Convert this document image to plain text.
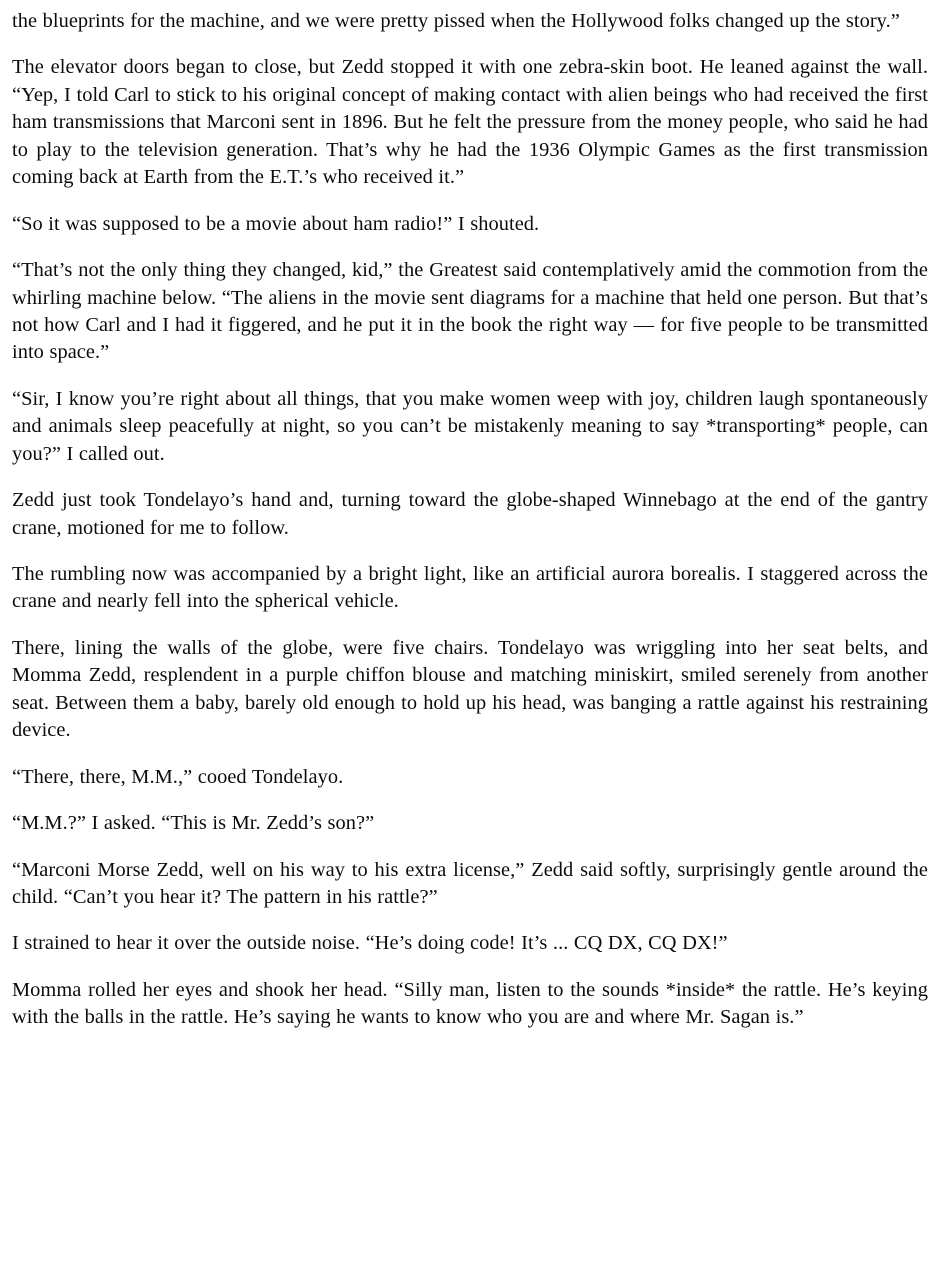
the blueprints for the machine, and we were pretty pissed when the Hollywood folks changed up the story.”

The elevator doors began to close, but Zedd stopped it with one zebra-skin boot. He leaned against the wall. “Yep, I told Carl to stick to his original concept of making contact with alien beings who had received the first ham transmissions that Marconi sent in 1896. But he felt the pressure from the money people, who said he had to play to the television generation. That’s why he had the 1936 Olympic Games as the first transmission coming back at Earth from the E.T.’s who received it.”

“So it was supposed to be a movie about ham radio!” I shouted.

“That’s not the only thing they changed, kid,” the Greatest said contemplatively amid the commotion from the whirling machine below. “The aliens in the movie sent diagrams for a machine that held one person. But that’s not how Carl and I had it figgered, and he put it in the book the right way — for five people to be transmitted into space.”

“Sir, I know you’re right about all things, that you make women weep with joy, children laugh spontaneously and animals sleep peacefully at night, so you can’t be mistakenly meaning to say *transporting* people, can you?” I called out.

Zedd just took Tondelayo’s hand and, turning toward the globe-shaped Winnebago at the end of the gantry crane, motioned for me to follow.

The rumbling now was accompanied by a bright light, like an artificial aurora borealis. I staggered across the crane and nearly fell into the spherical vehicle.

There, lining the walls of the globe, were five chairs. Tondelayo was wriggling into her seat belts, and Momma Zedd, resplendent in a purple chiffon blouse and matching miniskirt, smiled serenely from another seat. Between them a baby, barely old enough to hold up his head, was banging a rattle against his restraining device.

“There, there, M.M.,” cooed Tondelayo.

“M.M.?” I asked. “This is Mr. Zedd’s son?”

“Marconi Morse Zedd, well on his way to his extra license,” Zedd said softly, surprisingly gentle around the child. “Can’t you hear it? The pattern in his rattle?”

I strained to hear it over the outside noise. “He’s doing code! It’s ... CQ DX, CQ DX!”

Momma rolled her eyes and shook her head. “Silly man, listen to the sounds *inside* the rattle. He’s keying with the balls in the rattle. He’s saying he wants to know who you are and where Mr. Sagan is.”
